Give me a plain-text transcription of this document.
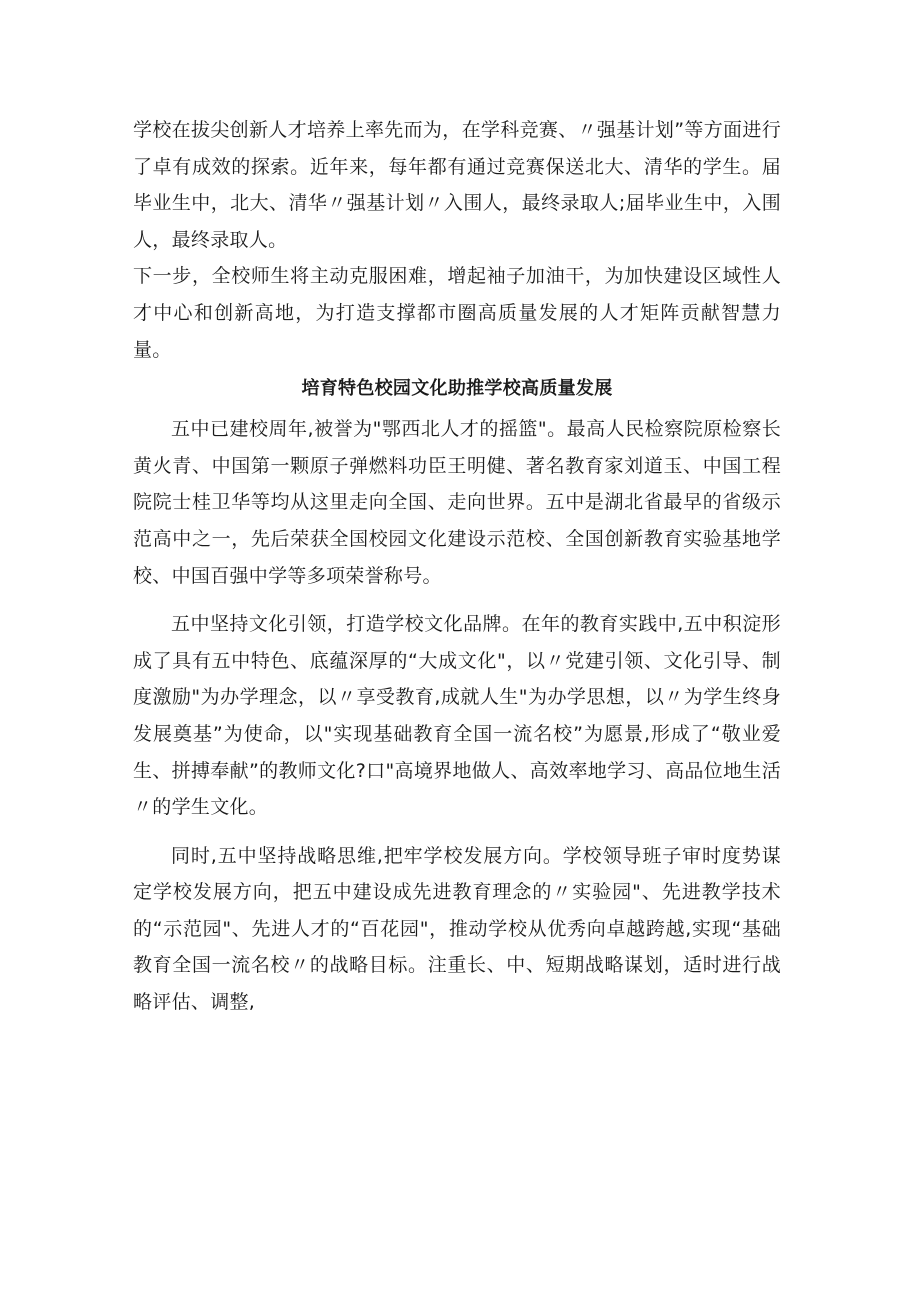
学校在拔尖创新人才培养上率先而为，在学科竞赛、〃强基计划”等方面进行了卓有成效的探索。近年来，每年都有通过竞赛保送北大、清华的学生。届毕业生中，北大、清华〃强基计划〃入围人，最终录取人;届毕业生中，入围人，最终录取人。

下一步，全校师生将主动克服困难，增起袖子加油干，为加快建设区域性人才中心和创新高地，为打造支撑都市圈高质量发展的人才矩阵贡献智慧力量。

培育特色校园文化助推学校高质量发展

五中已建校周年,被誉为"鄂西北人才的摇篮"。最高人民检察院原检察长黄火青、中国第一颗原子弹燃料功臣王明健、著名教育家刘道玉、中国工程院院士桂卫华等均从这里走向全国、走向世界。五中是湖北省最早的省级示范高中之一，先后荣获全国校园文化建设示范校、全国创新教育实验基地学校、中国百强中学等多项荣誉称号。

五中坚持文化引领，打造学校文化品牌。在年的教育实践中,五中积淀形成了具有五中特色、底蕴深厚的“大成文化"，以〃党建引领、文化引导、制度激励"为办学理念，以〃享受教育,成就人生"为办学思想，以〃为学生终身发展奠基”为使命，以"实现基础教育全国一流名校”为愿景,形成了“敬业爱生、拼搏奉献”的教师文化?口"高境界地做人、高效率地学习、高品位地生活〃的学生文化。

同时,五中坚持战略思维,把牢学校发展方向。学校领导班子审时度势谋定学校发展方向，把五中建设成先进教育理念的〃实验园"、先进教学技术的“示范园"、先进人才的“百花园"，推动学校从优秀向卓越跨越,实现“基础教育全国一流名校〃的战略目标。注重长、中、短期战略谋划，适时进行战略评估、调整,
